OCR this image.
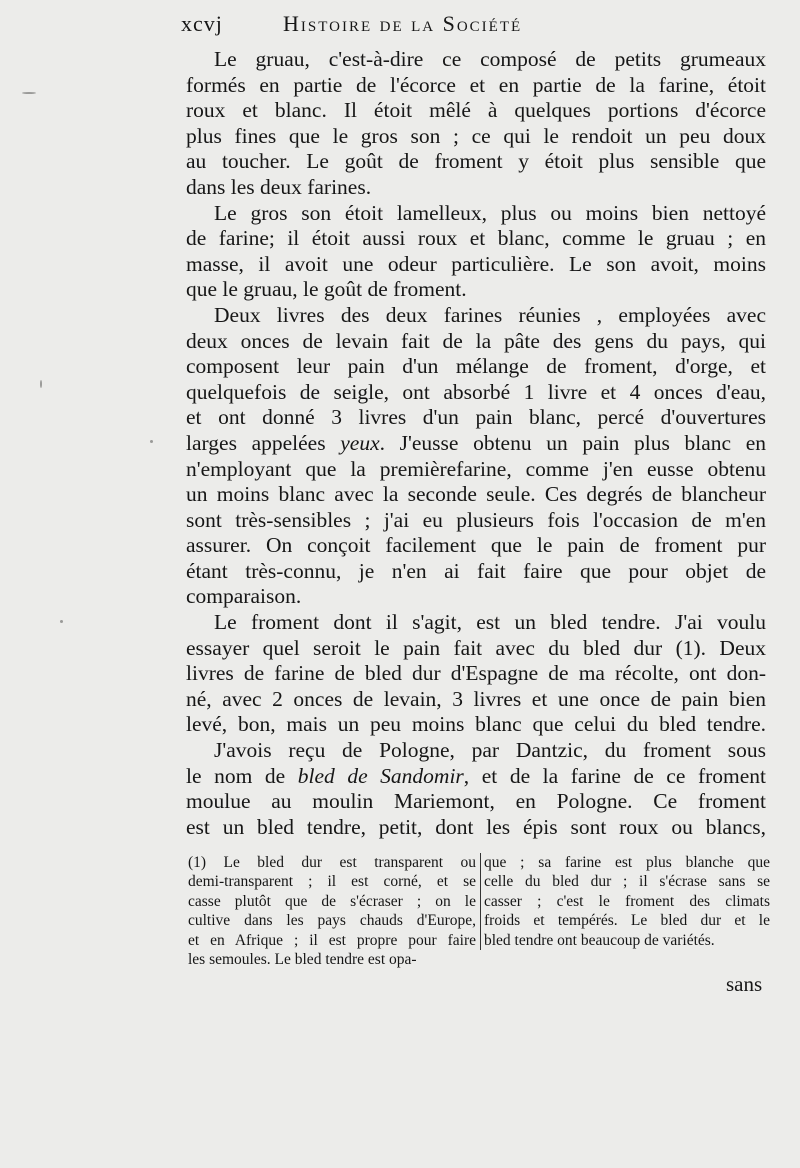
xcvj	Histoire de la Société
Le gruau, c'est-à-dire ce composé de petits grumeaux
formés en partie de l'écorce et en partie de la farine, étoit
roux et blanc. Il étoit mêlé à quelques portions d'écorce
plus fines que le gros son ; ce qui le rendoit un peu doux
au toucher. Le goût de froment y étoit plus sensible que
dans les deux farines.
Le gros son étoit lamelleux, plus ou moins bien nettoyé
de farine; il étoit aussi roux et blanc, comme le gruau ; en
masse, il avoit une odeur particulière. Le son avoit, moins
que le gruau, le goût de froment.
Deux livres des deux farines réunies , employées avec
deux onces de levain fait de la pâte des gens du pays, qui
composent leur pain d'un mélange de froment, d'orge, et
quelquefois de seigle, ont absorbé 1 livre et 4 onces d'eau,
et ont donné 3 livres d'un pain blanc, percé d'ouvertures
larges appelées yeux. J'eusse obtenu un pain plus blanc en
n'employant que la premièrefarine, comme j'en eusse obtenu
un moins blanc avec la seconde seule. Ces degrés de blancheur
sont très-sensibles ; j'ai eu plusieurs fois l'occasion de m'en
assurer. On conçoit facilement que le pain de froment pur
étant très-connu, je n'en ai fait faire que pour objet de
comparaison.
Le froment dont il s'agit, est un bled tendre. J'ai voulu
essayer quel seroit le pain fait avec du bled dur (1). Deux
livres de farine de bled dur d'Espagne de ma récolte, ont don-
né, avec 2 onces de levain, 3 livres et une once de pain bien
levé, bon, mais un peu moins blanc que celui du bled tendre.
J'avois reçu de Pologne, par Dantzic, du froment sous
le nom de bled de Sandomir, et de la farine de ce froment
moulue au moulin Mariemont, en Pologne. Ce froment
est un bled tendre, petit, dont les épis sont roux ou blancs,
(1) Le bled dur est transparent ou
demi-transparent ; il est corné, et se
casse plutôt que de s'écraser ; on le
cultive dans les pays chauds d'Europe,
et en Afrique ; il est propre pour faire
les semoules. Le bled tendre est opa-
que ; sa farine est plus blanche que
celle du bled dur ; il s'écrase sans se
casser ; c'est le froment des climats
froids et tempérés. Le bled dur et le
bled tendre ont beaucoup de variétés.
sans
